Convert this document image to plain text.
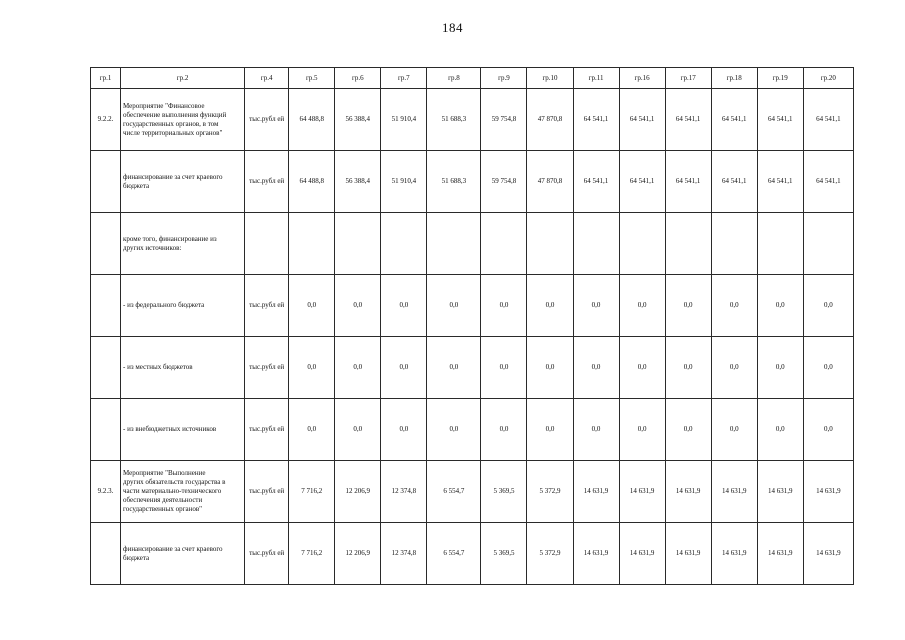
184
гр.1	гр.2	гр.4	гр.5	гр.6	гр.7	гр.8	гр.9	гр.10	гр.11	гр.16	гр.17	гр.18	гр.19	гр.20
9.2.2.	Мероприятие "Финансовое обеспечение выполнения функций государственных органов, в том числе территориальных органов"	тыс.рубл ей	64 488,8	56 388,4	51 910,4	51 688,3	59 754,8	47 870,8	64 541,1	64 541,1	64 541,1	64 541,1	64 541,1	64 541,1

	финансирование за счет краевого бюджета	тыс.рубл ей	64 488,8	56 388,4	51 910,4	51 688,3	59 754,8	47 870,8	64 541,1	64 541,1	64 541,1	64 541,1	64 541,1	64 541,1

	кроме того, финансирование из других источников:													

	- из федерального бюджета	тыс.рубл ей	0,0	0,0	0,0	0,0	0,0	0,0	0,0	0,0	0,0	0,0	0,0	0,0

	- из местных бюджетов	тыс.рубл ей	0,0	0,0	0,0	0,0	0,0	0,0	0,0	0,0	0,0	0,0	0,0	0,0

	- из внебюджетных источников	тыс.рубл ей	0,0	0,0	0,0	0,0	0,0	0,0	0,0	0,0	0,0	0,0	0,0	0,0
9.2.3.	Мероприятие "Выполнение других обязательств государства в части материально-технического обеспечения деятельности государственных органов"	тыс.рубл ей	7 716,2	12 206,9	12 374,8	6 554,7	5 369,5	5 372,9	14 631,9	14 631,9	14 631,9	14 631,9	14 631,9	14 631,9

	финансирование за счет краевого бюджета	тыс.рубл ей	7 716,2	12 206,9	12 374,8	6 554,7	5 369,5	5 372,9	14 631,9	14 631,9	14 631,9	14 631,9	14 631,9	14 631,9
